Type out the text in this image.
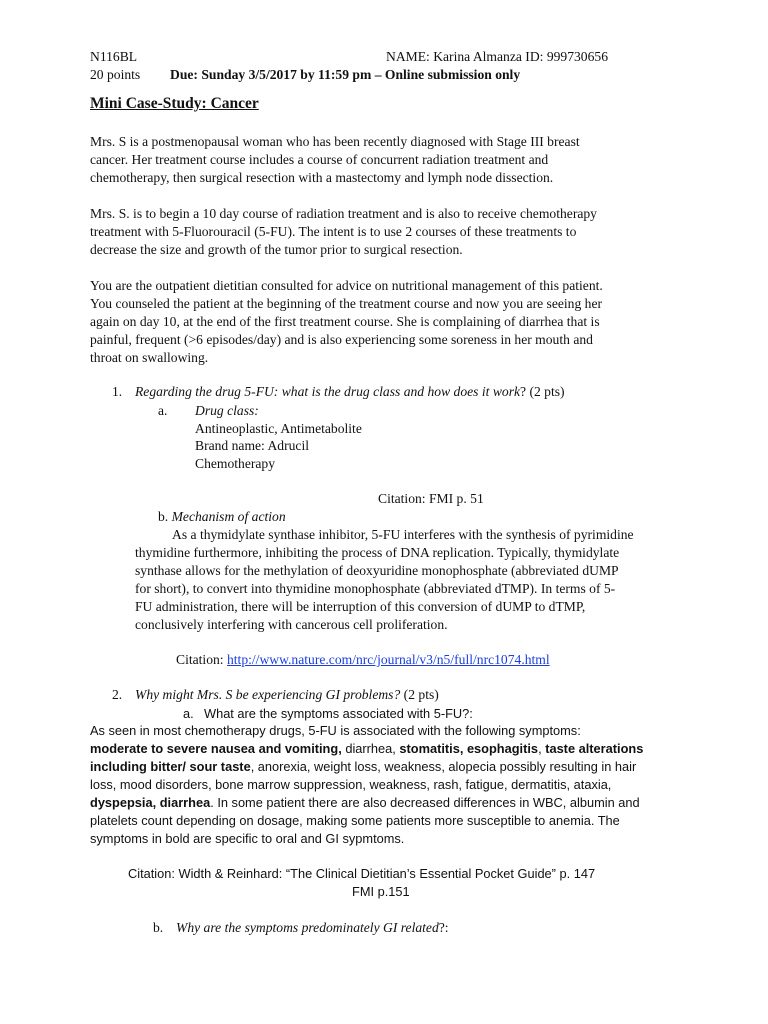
N116BL	NAME: Karina Almanza ID: 999730656
20 points Due: Sunday 3/5/2017 by 11:59 pm – Online submission only
Mini Case-Study: Cancer
Mrs. S is a postmenopausal woman who has been recently diagnosed with Stage III breast
cancer. Her treatment course includes a course of concurrent radiation treatment and
chemotherapy, then surgical resection with a mastectomy and lymph node dissection.
Mrs. S. is to begin a 10 day course of radiation treatment and is also to receive chemotherapy
treatment with 5-Fluorouracil (5-FU). The intent is to use 2 courses of these treatments to
decrease the size and growth of the tumor prior to surgical resection.
You are the outpatient dietitian consulted for advice on nutritional management of this patient.
You counseled the patient at the beginning of the treatment course and now you are seeing her
again on day 10, at the end of the first treatment course. She is complaining of diarrhea that is
painful, frequent (>6 episodes/day) and is also experiencing some soreness in her mouth and
throat on swallowing.
1. Regarding the drug 5-FU: what is the drug class and how does it work? (2 pts)
a. Drug class:
Antineoplastic, Antimetabolite
Brand name: Adrucil
Chemotherapy
Citation: FMI p. 51
b. Mechanism of action
As a thymidylate synthase inhibitor, 5-FU interferes with the synthesis of pyrimidine
thymidine furthermore, inhibiting the process of DNA replication. Typically, thymidylate
synthase allows for the methylation of deoxyuridine monophosphate (abbreviated dUMP
for short), to convert into thymidine monophosphate (abbreviated dTMP). In terms of 5-
FU administration, there will be interruption of this conversion of dUMP to dTMP,
conclusively interfering with cancerous cell proliferation.
Citation: http://www.nature.com/nrc/journal/v3/n5/full/nrc1074.html
2. Why might Mrs. S be experiencing GI problems? (2 pts)
a. What are the symptoms associated with 5-FU?:
As seen in most chemotherapy drugs, 5-FU is associated with the following symptoms:
moderate to severe nausea and vomiting, diarrhea, stomatitis, esophagitis, taste alterations
including bitter/ sour taste, anorexia, weight loss, weakness, alopecia possibly resulting in hair
loss, mood disorders, bone marrow suppression, weakness, rash, fatigue, dermatitis, ataxia,
dyspepsia, diarrhea. In some patient there are also decreased differences in WBC, albumin and
platelets count depending on dosage, making some patients more susceptible to anemia. The
symptoms in bold are specific to oral and GI sypmtoms.
Citation: Width & Reinhard: “The Clinical Dietitian’s Essential Pocket Guide” p. 147
FMI p.151
b. Why are the symptoms predominately GI related?:
